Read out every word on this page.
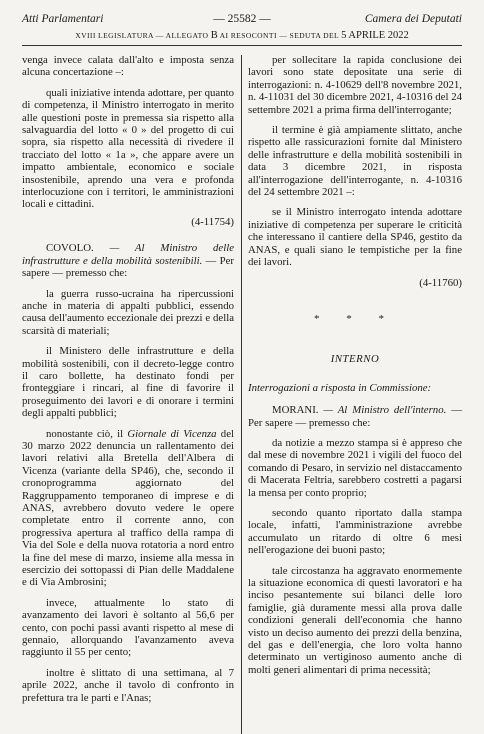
Atti Parlamentari	— 25582 —	Camera dei Deputati
XVIII LEGISLATURA — ALLEGATO B AI RESOCONTI — SEDUTA DEL 5 APRILE 2022

venga invece calata dall'alto e imposta senza alcuna concertazione –:

quali iniziative intenda adottare, per quanto di competenza, il Ministro interrogato in merito alle questioni poste in premessa sia rispetto alla salvaguardia del lotto « 0 » del progetto di cui sopra, sia rispetto alla necessità di rivedere il tracciato del lotto « 1a », che appare avere un impatto ambientale, economico e sociale insostenibile, aprendo una vera e profonda interlocuzione con i territori, le amministrazioni locali e cittadini.

(4-11754)

COVOLO. — Al Ministro delle infrastrutture e della mobilità sostenibili. — Per sapere — premesso che:

la guerra russo-ucraina ha ripercussioni anche in materia di appalti pubblici, essendo causa dell'aumento eccezionale dei prezzi e della scarsità di materiali;

il Ministero delle infrastrutture e della mobilità sostenibili, con il decreto-legge contro il caro bollette, ha destinato fondi per fronteggiare i rincari, al fine di favorire il proseguimento dei lavori e di onorare i termini degli appalti pubblici;

nonostante ciò, il Giornale di Vicenza del 30 marzo 2022 denuncia un rallentamento dei lavori relativi alla Bretella dell'Albera di Vicenza (variante della SP46), che, secondo il cronoprogramma aggiornato del Raggruppamento temporaneo di imprese e di ANAS, avrebbero dovuto vedere le opere completate entro il corrente anno, con progressiva apertura al traffico della rampa di Via del Sole e della nuova rotatoria a nord entro la fine del mese di marzo, insieme alla messa in esercizio dei sottopassi di Pian delle Maddalene e di Via Ambrosini;

invece, attualmente lo stato di avanzamento dei lavori è soltanto al 56,6 per cento, con pochi passi avanti rispetto al mese di gennaio, allorquando l'avanzamento aveva raggiunto il 55 per cento;

inoltre è slittato di una settimana, al 7 aprile 2022, anche il tavolo di confronto in prefettura tra le parti e l'Anas;

per sollecitare la rapida conclusione dei lavori sono state depositate una serie di interrogazioni: n. 4-10629 dell'8 novembre 2021, n. 4-11031 del 30 dicembre 2021, 4-10316 del 24 settembre 2021 a prima firma dell'interrogante;

il termine è già ampiamente slittato, anche rispetto alle rassicurazioni fornite dal Ministero delle infrastrutture e della mobilità sostenibili in data 3 dicembre 2021, in risposta all'interrogazione dell'interrogante, n. 4-10316 del 24 settembre 2021 –:

se il Ministro interrogato intenda adottare iniziative di competenza per superare le criticità che interessano il cantiere della SP46, gestito da ANAS, e quali siano le tempistiche per la fine dei lavori.

(4-11760)

* * *
INTERNO
Interrogazioni a risposta in Commissione:

MORANI. — Al Ministro dell'interno. — Per sapere — premesso che:

da notizie a mezzo stampa si è appreso che dal mese di novembre 2021 i vigili del fuoco del comando di Pesaro, in servizio nel distaccamento di Macerata Feltria, sarebbero costretti a pagarsi la mensa per conto proprio;

secondo quanto riportato dalla stampa locale, infatti, l'amministrazione avrebbe accumulato un ritardo di oltre 6 mesi nell'erogazione dei buoni pasto;

tale circostanza ha aggravato enormemente la situazione economica di questi lavoratori e ha inciso pesantemente sui bilanci delle loro famiglie, già duramente messi alla prova dalle condizioni generali dell'economia che hanno visto un deciso aumento dei prezzi della benzina, del gas e dell'energia, che loro volta hanno determinato un vertiginoso aumento anche di molti generi alimentari di prima necessità;
